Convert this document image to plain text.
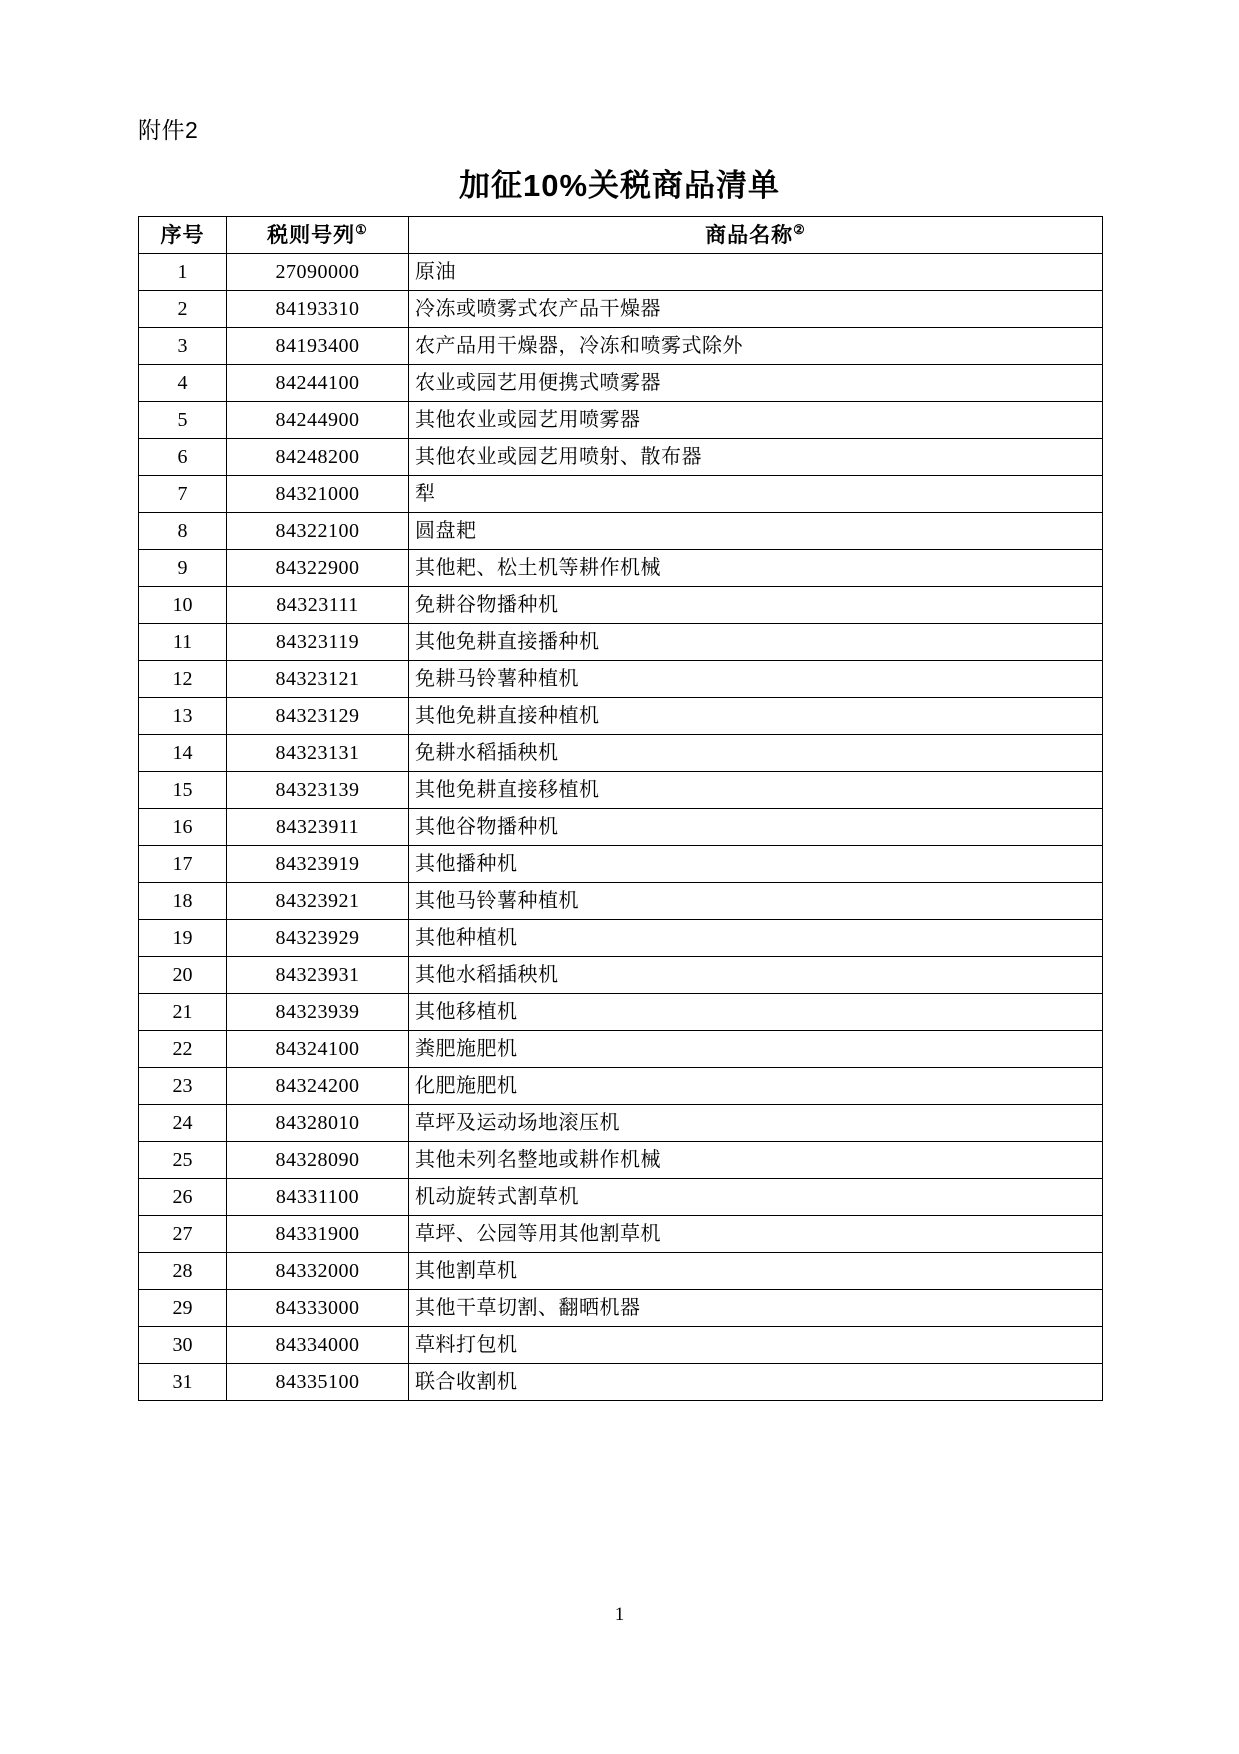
附件2
加征10%关税商品清单
序号	税则号列①	商品名称②
1	27090000	原油
2	84193310	冷冻或喷雾式农产品干燥器
3	84193400	农产品用干燥器，冷冻和喷雾式除外
4	84244100	农业或园艺用便携式喷雾器
5	84244900	其他农业或园艺用喷雾器
6	84248200	其他农业或园艺用喷射、散布器
7	84321000	犁
8	84322100	圆盘耙
9	84322900	其他耙、松土机等耕作机械
10	84323111	免耕谷物播种机
11	84323119	其他免耕直接播种机
12	84323121	免耕马铃薯种植机
13	84323129	其他免耕直接种植机
14	84323131	免耕水稻插秧机
15	84323139	其他免耕直接移植机
16	84323911	其他谷物播种机
17	84323919	其他播种机
18	84323921	其他马铃薯种植机
19	84323929	其他种植机
20	84323931	其他水稻插秧机
21	84323939	其他移植机
22	84324100	粪肥施肥机
23	84324200	化肥施肥机
24	84328010	草坪及运动场地滚压机
25	84328090	其他未列名整地或耕作机械
26	84331100	机动旋转式割草机
27	84331900	草坪、公园等用其他割草机
28	84332000	其他割草机
29	84333000	其他干草切割、翻晒机器
30	84334000	草料打包机
31	84335100	联合收割机
1
